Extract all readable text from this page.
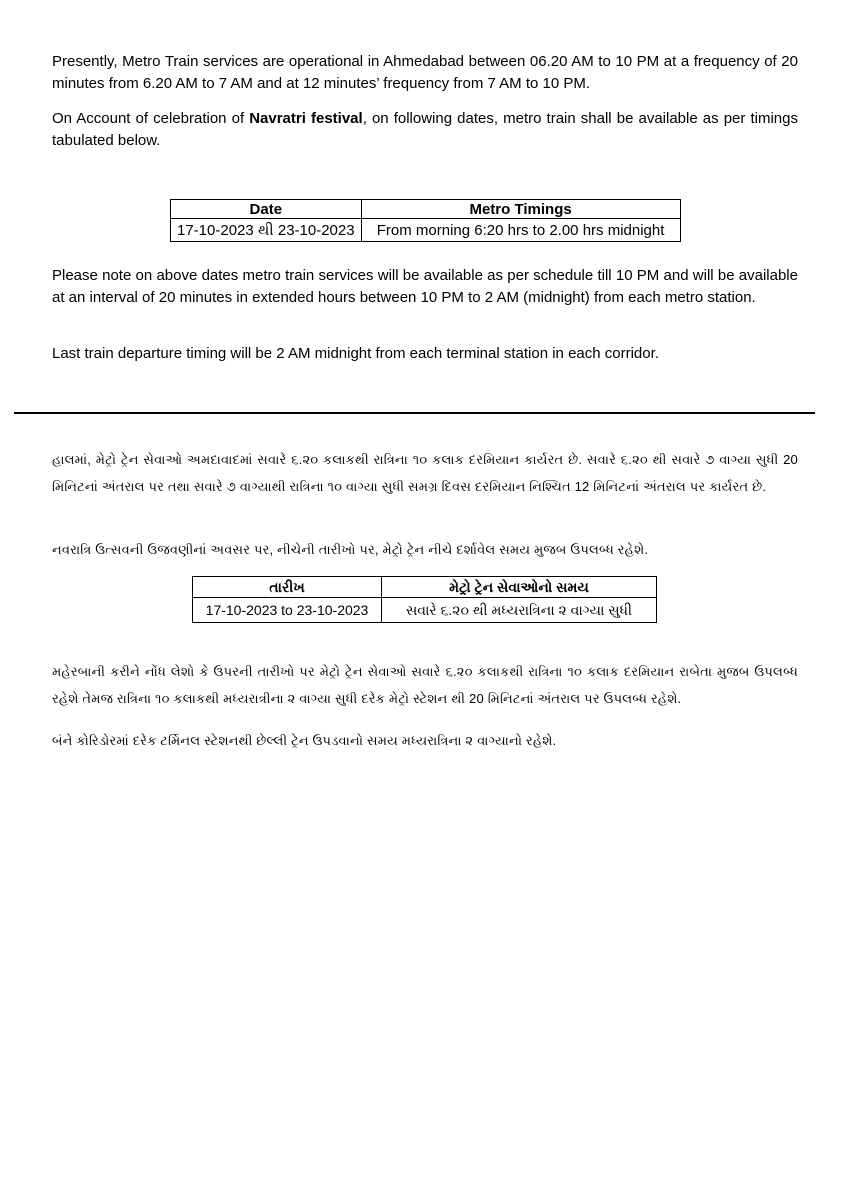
Presently, Metro Train services are operational in Ahmedabad between 06.20 AM to 10 PM at a frequency of 20 minutes from 6.20 AM to 7 AM and at 12 minutes’ frequency from 7 AM to 10 PM.

On Account of celebration of Navratri festival, on following dates, metro train shall be available as per timings tabulated below.

Date	Metro Timings
17-10-2023 થી 23-10-2023	From morning 6:20 hrs to 2.00 hrs midnight

Please note on above dates metro train services will be available as per schedule till 10 PM and will be available at an interval of 20 minutes in extended hours between 10 PM to 2 AM (midnight) from each metro station.

Last train departure timing will be 2 AM midnight from each terminal station in each corridor.

હાલમાં, મેટ્રો ટ્રેન સેવાઓ અમદાવાદમાં સવારે ૬.૨૦ કલાકથી રાત્રિના ૧૦ કલાક દરમિયાન કાર્યરત છે. સવારે ૬.૨૦ થી સવારે ૭ વાગ્યા સુધી 20 મિનિટનાં અંતરાલ પર તથા સવારે ૭ વાગ્યાથી રાત્રિના ૧૦ વાગ્યા સુધી સમગ્ર દિવસ દરમિયાન નિશ્ચિત 12 મિનિટનાં અંતરાલ પર કાર્યરત છે.

નવરાત્રિ ઉત્સવની ઉજવણીનાં અવસર પર, નીચેની તારીખો પર, મેટ્રો ટ્રેન નીચે દર્શાવેલ સમય મુજબ ઉપલબ્ધ રહેશે.

તારીખ	મેટ્રો ટ્રેન સેવાઓનો સમય
17-10-2023 to 23-10-2023	સવારે ૬.૨૦ થી મધ્યરાત્રિના ૨ વાગ્યા સુધી

મહેરબાની કરીને નોંધ લેશો કે ઉપરની તારીખો પર મેટ્રો ટ્રેન સેવાઓ સવારે ૬.૨૦ કલાકથી રાત્રિના ૧૦ કલાક દરમિયાન રાબેતા મુજબ ઉપલબ્ધ રહેશે તેમજ રાત્રિના ૧૦ કલાકથી મધ્યરાત્રીના ૨ વાગ્યા સુધી દરેક મેટ્રો સ્ટેશન થી 20 મિનિટનાં અંતરાલ પર ઉપલબ્ધ રહેશે.

બંને કોરિડોરમાં દરેક ટર્મિનલ સ્ટેશનથી છેલ્લી ટ્રેન ઉપડવાનો સમય મધ્યરાત્રિના ૨ વાગ્યાનો રહેશે.
